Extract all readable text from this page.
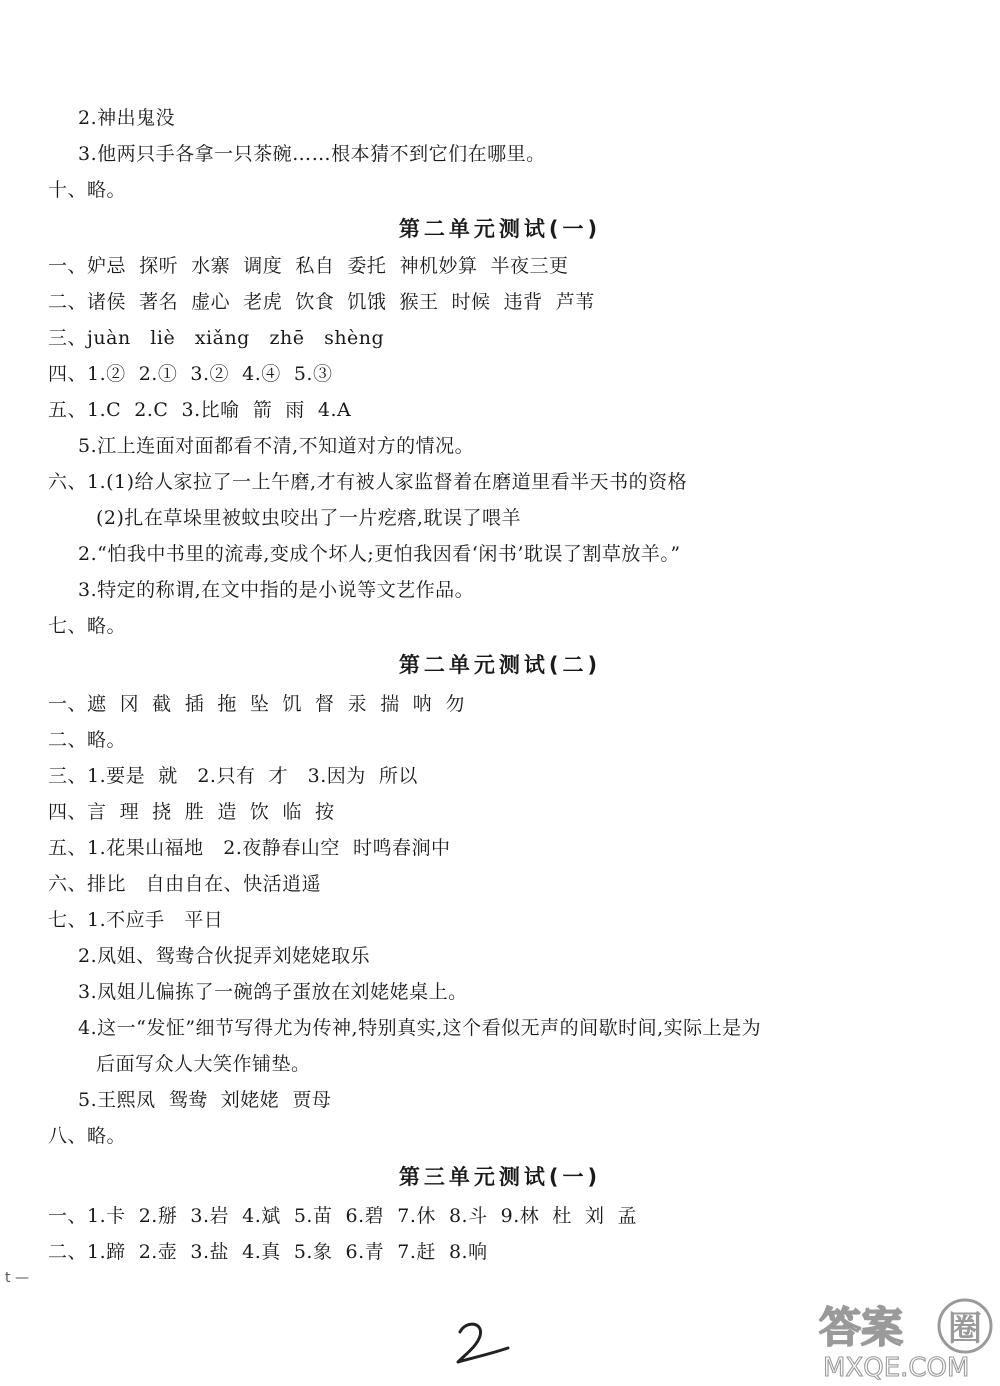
2.神出鬼没
3.他两只手各拿一只茶碗……根本猜不到它们在哪里。
十、略。
第二单元测试(一)
一、妒忌  探听  水寨  调度  私自  委托  神机妙算  半夜三更
二、诸侯  著名  虚心  老虎  饮食  饥饿  猴王  时候  违背  芦苇
三、juàn   liè   xiǎng   zhē   shèng
四、1.②  2.①  3.②  4.④  5.③
五、1.C  2.C  3.比喻  箭  雨  4.A
5.江上连面对面都看不清,不知道对方的情况。
六、1.(1)给人家拉了一上午磨,才有被人家监督着在磨道里看半天书的资格
(2)扎在草垛里被蚊虫咬出了一片疙瘩,耽误了喂羊
2.“怕我中书里的流毒,变成个坏人;更怕我因看‘闲书’耽误了割草放羊。”
3.特定的称谓,在文中指的是小说等文艺作品。
七、略。
第二单元测试(二)
一、遮  冈  截  插  拖  坠  饥  督  汞  揣  呐  勿
二、略。
三、1.要是  就   2.只有  才   3.因为  所以
四、言  理  挠  胜  造  饮  临  按
五、1.花果山福地   2.夜静春山空  时鸣春涧中
六、排比   自由自在、快活逍遥
七、1.不应手   平日
2.凤姐、鸳鸯合伙捉弄刘姥姥取乐
3.凤姐儿偏拣了一碗鸽子蛋放在刘姥姥桌上。
4.这一“发怔”细节写得尤为传神,特别真实,这个看似无声的间歇时间,实际上是为
后面写众人大笑作铺垫。
5.王熙凤  鸳鸯  刘姥姥  贾母
八、略。
第三单元测试(一)
一、1.卡  2.掰  3.岩  4.斌  5.苗  6.碧  7.休  8.斗  9.林  杜  刘  孟
二、1.蹄  2.壶  3.盐  4.真  5.象  6.青  7.赶  8.响
t —
答案 圈
MXQE.COM
